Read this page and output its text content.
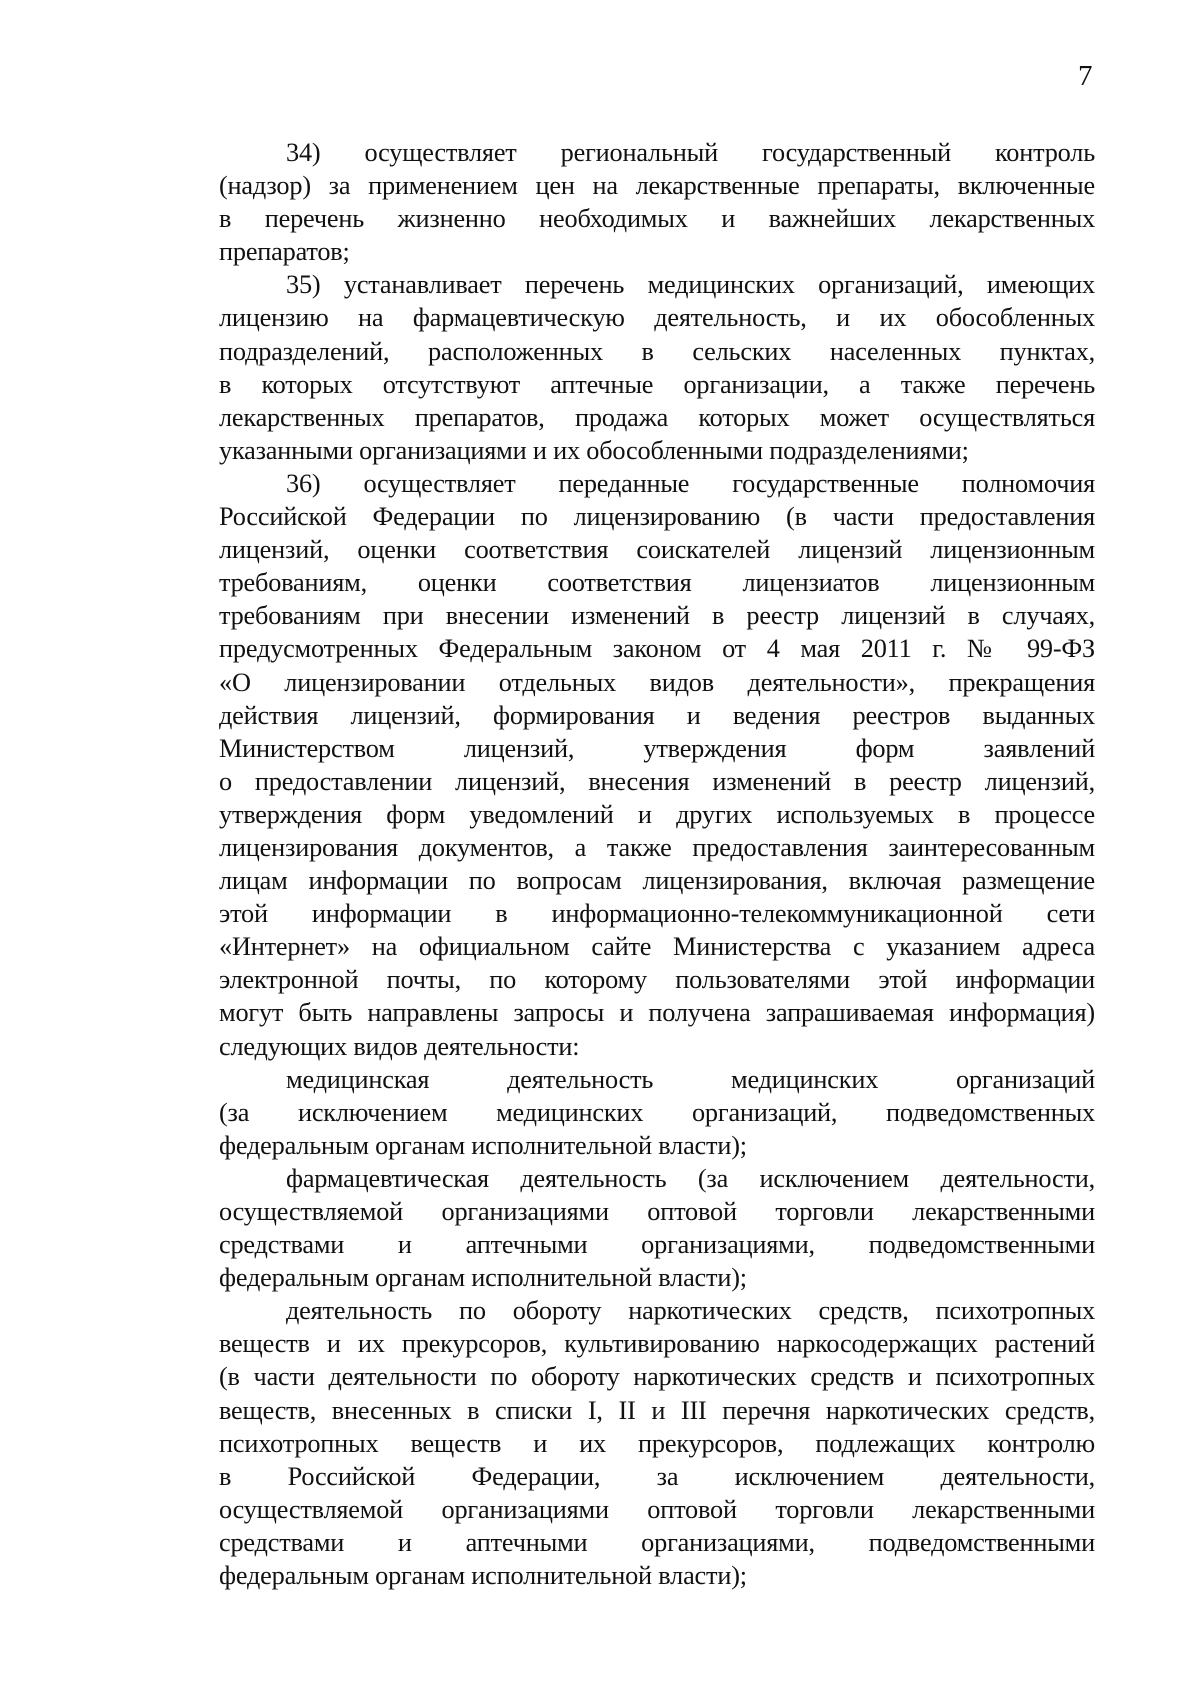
7
34) осуществляет региональный государственный контроль
(надзор) за применением цен на лекарственные препараты, включенные
в перечень жизненно необходимых и важнейших лекарственных
препаратов;
35) устанавливает перечень медицинских организаций, имеющих
лицензию на фармацевтическую деятельность, и их обособленных
подразделений, расположенных в сельских населенных пунктах,
в которых отсутствуют аптечные организации, а также перечень
лекарственных препаратов, продажа которых может осуществляться
указанными организациями и их обособленными подразделениями;
36) осуществляет переданные государственные полномочия
Российской Федерации по лицензированию (в части предоставления
лицензий, оценки соответствия соискателей лицензий лицензионным
требованиям, оценки соответствия лицензиатов лицензионным
требованиям при внесении изменений в реестр лицензий в случаях,
предусмотренных Федеральным законом от 4 мая 2011 г. № 99-ФЗ
«О лицензировании отдельных видов деятельности», прекращения
действия лицензий, формирования и ведения реестров выданных
Министерством лицензий, утверждения форм заявлений
о предоставлении лицензий, внесения изменений в реестр лицензий,
утверждения форм уведомлений и других используемых в процессе
лицензирования документов, а также предоставления заинтересованным
лицам информации по вопросам лицензирования, включая размещение
этой информации в информационно-телекоммуникационной сети
«Интернет» на официальном сайте Министерства с указанием адреса
электронной почты, по которому пользователями этой информации
могут быть направлены запросы и получена запрашиваемая информация)
следующих видов деятельности:
медицинская деятельность медицинских организаций
(за исключением медицинских организаций, подведомственных
федеральным органам исполнительной власти);
фармацевтическая деятельность (за исключением деятельности,
осуществляемой организациями оптовой торговли лекарственными
средствами и аптечными организациями, подведомственными
федеральным органам исполнительной власти);
деятельность по обороту наркотических средств, психотропных
веществ и их прекурсоров, культивированию наркосодержащих растений
(в части деятельности по обороту наркотических средств и психотропных
веществ, внесенных в списки I, II и III перечня наркотических средств,
психотропных веществ и их прекурсоров, подлежащих контролю
в Российской Федерации, за исключением деятельности,
осуществляемой организациями оптовой торговли лекарственными
средствами и аптечными организациями, подведомственными
федеральным органам исполнительной власти);
